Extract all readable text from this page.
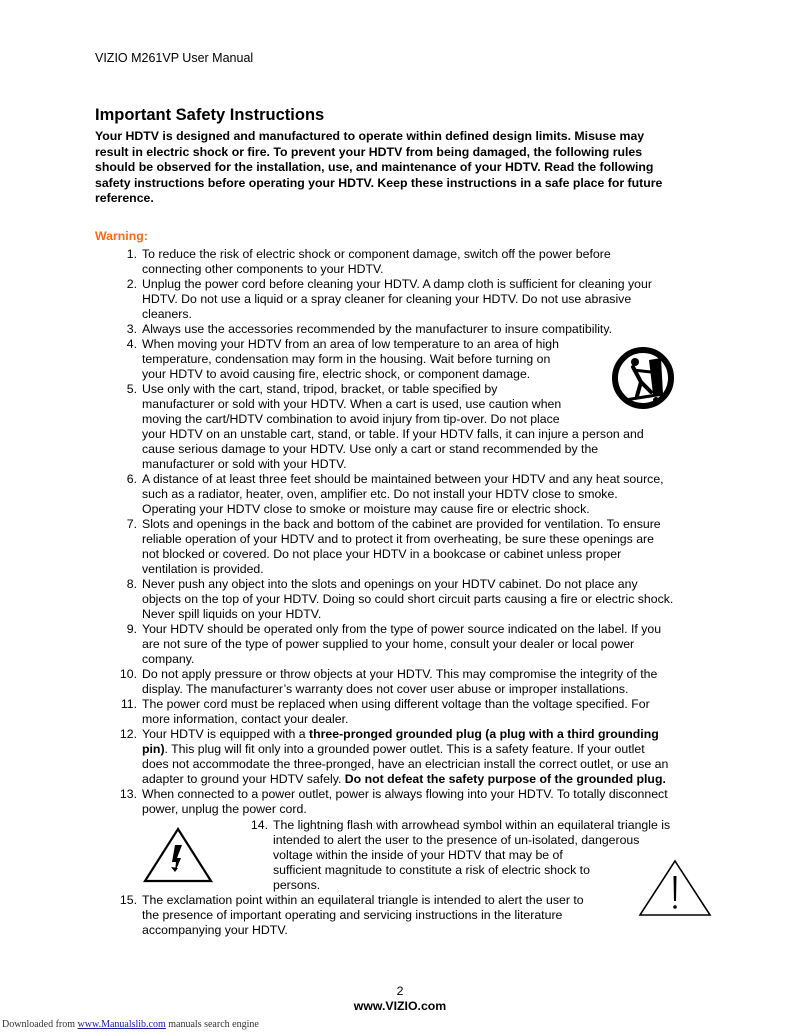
VIZIO M261VP User Manual
Important Safety Instructions
Your HDTV is designed and manufactured to operate within defined design limits. Misuse may
result in electric shock or fire. To prevent your HDTV from being damaged, the following rules
should be observed for the installation, use, and maintenance of your HDTV. Read the following
safety instructions before operating your HDTV. Keep these instructions in a safe place for future
reference.
Warning:
1. To reduce the risk of electric shock or component damage, switch off the power before
connecting other components to your HDTV.
2. Unplug the power cord before cleaning your HDTV. A damp cloth is sufficient for cleaning your
HDTV. Do not use a liquid or a spray cleaner for cleaning your HDTV. Do not use abrasive
cleaners.
3. Always use the accessories recommended by the manufacturer to insure compatibility.
4. When moving your HDTV from an area of low temperature to an area of high
temperature, condensation may form in the housing. Wait before turning on
your HDTV to avoid causing fire, electric shock, or component damage.
5. Use only with the cart, stand, tripod, bracket, or table specified by
manufacturer or sold with your HDTV. When a cart is used, use caution when
moving the cart/HDTV combination to avoid injury from tip-over. Do not place
your HDTV on an unstable cart, stand, or table. If your HDTV falls, it can injure a person and
cause serious damage to your HDTV. Use only a cart or stand recommended by the
manufacturer or sold with your HDTV.
6. A distance of at least three feet should be maintained between your HDTV and any heat source,
such as a radiator, heater, oven, amplifier etc. Do not install your HDTV close to smoke.
Operating your HDTV close to smoke or moisture may cause fire or electric shock.
7. Slots and openings in the back and bottom of the cabinet are provided for ventilation. To ensure
reliable operation of your HDTV and to protect it from overheating, be sure these openings are
not blocked or covered. Do not place your HDTV in a bookcase or cabinet unless proper
ventilation is provided.
8. Never push any object into the slots and openings on your HDTV cabinet. Do not place any
objects on the top of your HDTV. Doing so could short circuit parts causing a fire or electric shock.
Never spill liquids on your HDTV.
9. Your HDTV should be operated only from the type of power source indicated on the label. If you
are not sure of the type of power supplied to your home, consult your dealer or local power
company.
10. Do not apply pressure or throw objects at your HDTV. This may compromise the integrity of the
display. The manufacturer’s warranty does not cover user abuse or improper installations.
11. The power cord must be replaced when using different voltage than the voltage specified. For
more information, contact your dealer.
12. Your HDTV is equipped with a three-pronged grounded plug (a plug with a third grounding
pin). This plug will fit only into a grounded power outlet. This is a safety feature. If your outlet
does not accommodate the three-pronged, have an electrician install the correct outlet, or use an
adapter to ground your HDTV safely. Do not defeat the safety purpose of the grounded plug.
13. When connected to a power outlet, power is always flowing into your HDTV. To totally disconnect
power, unplug the power cord.
14. The lightning flash with arrowhead symbol within an equilateral triangle is
intended to alert the user to the presence of un-isolated, dangerous
voltage within the inside of your HDTV that may be of
sufficient magnitude to constitute a risk of electric shock to
persons.
15. The exclamation point within an equilateral triangle is intended to alert the user to
the presence of important operating and servicing instructions in the literature
accompanying your HDTV.
2
www.VIZIO.com
Downloaded from www.Manualslib.com manuals search engine
